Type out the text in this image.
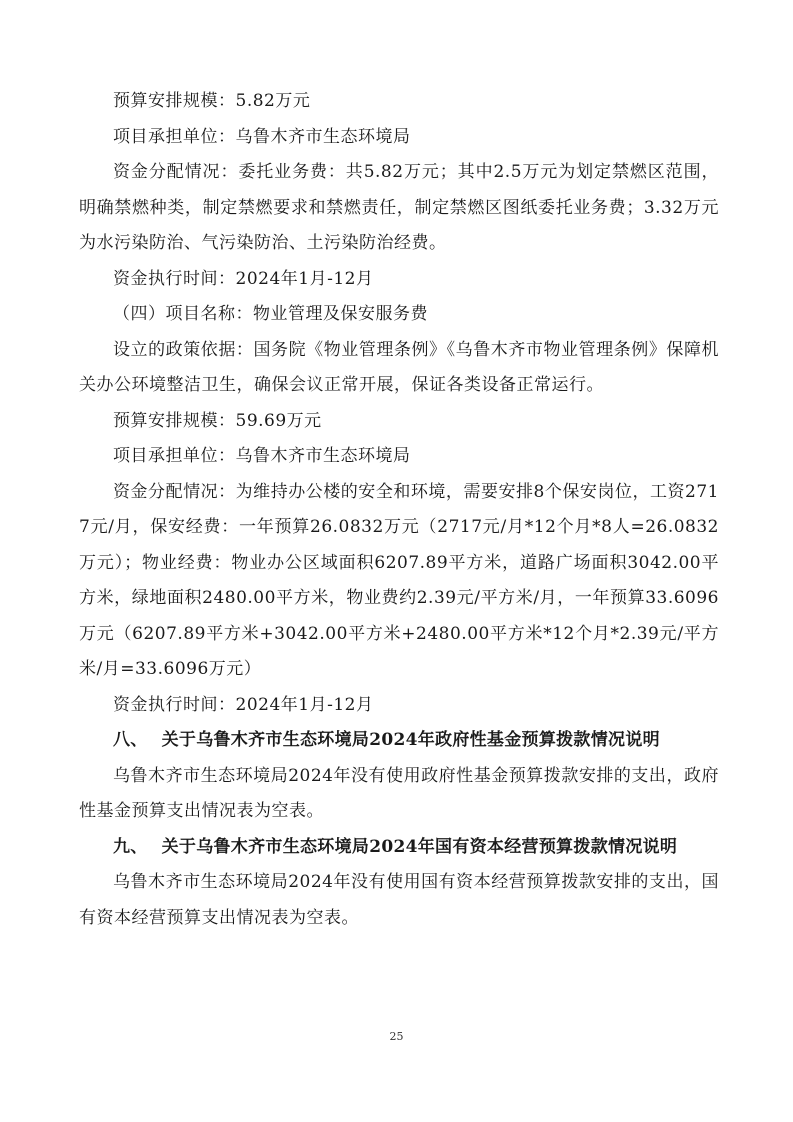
预算安排规模：5.82万元

项目承担单位：乌鲁木齐市生态环境局

资金分配情况：委托业务费：共5.82万元；其中2.5万元为划定禁燃区范围，明确禁燃种类，制定禁燃要求和禁燃责任，制定禁燃区图纸委托业务费；3.32万元为水污染防治、气污染防治、土污染防治经费。

资金执行时间：2024年1月-12月

（四）项目名称：物业管理及保安服务费

设立的政策依据：国务院《物业管理条例》《乌鲁木齐市物业管理条例》保障机关办公环境整洁卫生，确保会议正常开展，保证各类设备正常运行。

预算安排规模：59.69万元

项目承担单位：乌鲁木齐市生态环境局

资金分配情况：为维持办公楼的安全和环境，需要安排8个保安岗位，工资2717元/月，保安经费：一年预算26.0832万元（2717元/月*12个月*8人=26.0832万元）；物业经费：物业办公区域面积6207.89平方米，道路广场面积3042.00平方米，绿地面积2480.00平方米，物业费约2.39元/平方米/月，一年预算33.6096万元（6207.89平方米+3042.00平方米+2480.00平方米*12个月*2.39元/平方米/月=33.6096万元）

资金执行时间：2024年1月-12月

八、 关于乌鲁木齐市生态环境局2024年政府性基金预算拨款情况说明

乌鲁木齐市生态环境局2024年没有使用政府性基金预算拨款安排的支出，政府性基金预算支出情况表为空表。

九、 关于乌鲁木齐市生态环境局2024年国有资本经营预算拨款情况说明

乌鲁木齐市生态环境局2024年没有使用国有资本经营预算拨款安排的支出，国有资本经营预算支出情况表为空表。

25
